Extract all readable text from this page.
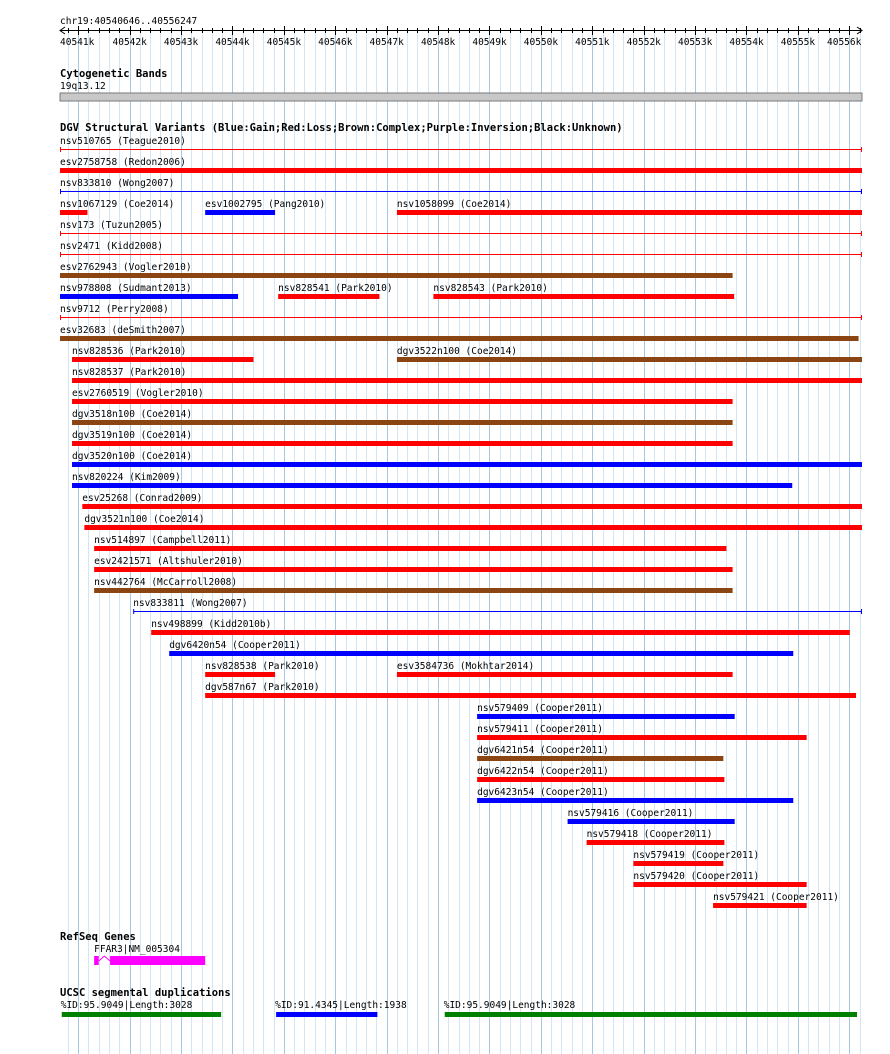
chr19:40540646..40556247
40541k 40542k 40543k 40544k 40545k 40546k 40547k 40548k 40549k 40550k 40551k 40552k 40553k 40554k 40555k 40556k
Cytogenetic Bands
19q13.12
DGV Structural Variants (Blue:Gain;Red:Loss;Brown:Complex;Purple:Inversion;Black:Unknown)
nsv510765 (Teague2010)
esv2758758 (Redon2006)
nsv833810 (Wong2007)
nsv1067129 (Coe2014)	esv1002795 (Pang2010)	nsv1058099 (Coe2014)
nsv173 (Tuzun2005)
nsv2471 (Kidd2008)
esv2762943 (Vogler2010)
nsv978808 (Sudmant2013)	nsv828541 (Park2010)	nsv828543 (Park2010)
nsv9712 (Perry2008)
esv32683 (deSmith2007)
nsv828536 (Park2010)	dgv3522n100 (Coe2014)
nsv828537 (Park2010)
esv2760519 (Vogler2010)
dgv3518n100 (Coe2014)
dgv3519n100 (Coe2014)
dgv3520n100 (Coe2014)
nsv820224 (Kim2009)
esv25268 (Conrad2009)
dgv3521n100 (Coe2014)
nsv514897 (Campbell2011)
esv2421571 (Altshuler2010)
nsv442764 (McCarroll2008)
nsv833811 (Wong2007)
nsv498899 (Kidd2010b)
dgv6420n54 (Cooper2011)
nsv828538 (Park2010)	esv3584736 (Mokhtar2014)
dgv587n67 (Park2010)
nsv579409 (Cooper2011)
nsv579411 (Cooper2011)
dgv6421n54 (Cooper2011)
dgv6422n54 (Cooper2011)
dgv6423n54 (Cooper2011)
nsv579416 (Cooper2011)
nsv579418 (Cooper2011)
nsv579419 (Cooper2011)
nsv579420 (Cooper2011)
nsv579421 (Cooper2011)
RefSeq Genes
FFAR3|NM_005304
UCSC segmental duplications
%ID:95.9049|Length:3028	%ID:91.4345|Length:1938	%ID:95.9049|Length:3028
